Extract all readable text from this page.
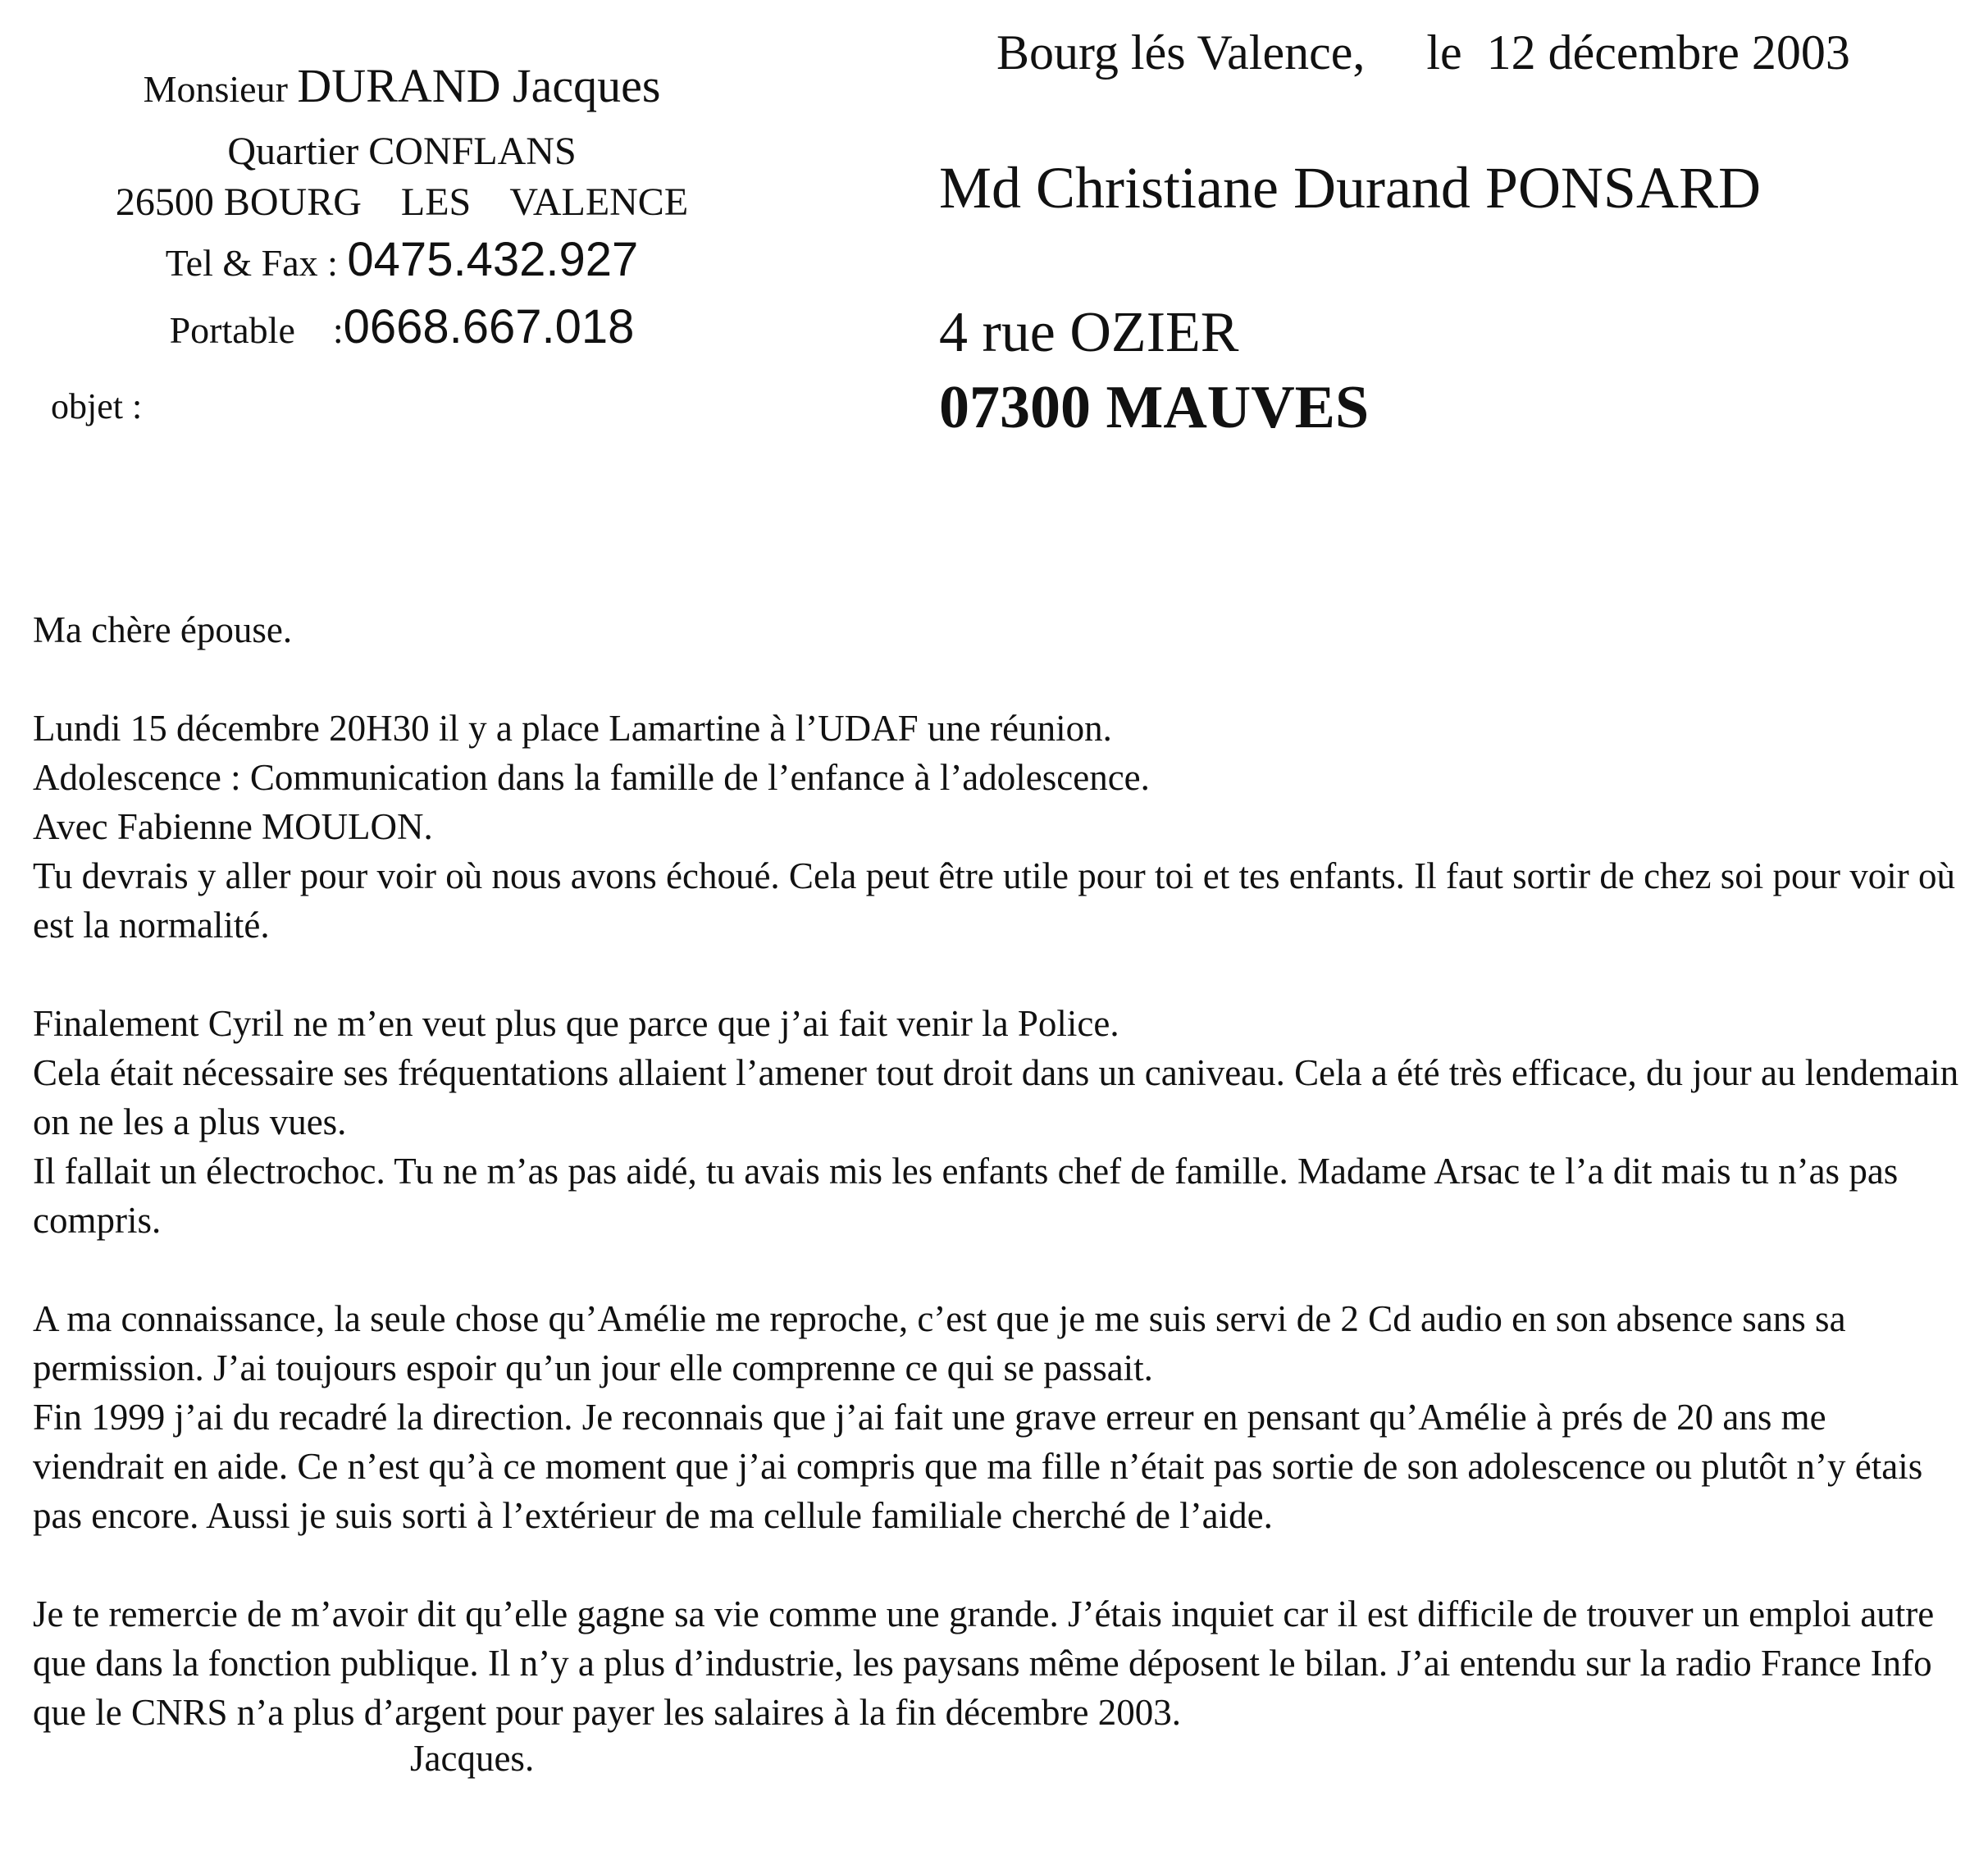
Monsieur DURAND Jacques
Quartier CONFLANS
26500 BOURG    LES    VALENCE
Tel & Fax : 0475.432.927
Portable    :0668.667.018
objet :
Bourg lés Valence,     le  12 décembre 2003
Md Christiane Durand PONSARD
4 rue OZIER
07300 MAUVES

Ma chère épouse.

Lundi 15 décembre 20H30 il y a place Lamartine à l’UDAF une réunion.

Adolescence : Communication dans la famille de l’enfance à l’adolescence.

Avec Fabienne MOULON.

Tu devrais y aller pour voir où nous avons échoué. Cela peut être utile pour toi et tes enfants. Il faut sortir de chez soi pour voir où est la normalité.

Finalement Cyril ne m’en veut plus que parce que j’ai fait venir la Police.

Cela était nécessaire ses fréquentations allaient l’amener tout droit dans un caniveau. Cela a été très efficace, du jour au lendemain on ne les a plus vues.

Il fallait un électrochoc. Tu ne m’as pas aidé, tu avais mis les enfants chef de famille. Madame Arsac te l’a dit mais tu n’as pas compris.

A ma connaissance, la seule chose qu’Amélie me reproche, c’est que je me suis servi de 2 Cd audio en son absence sans sa permission. J’ai toujours espoir qu’un jour elle comprenne ce qui se passait.

Fin 1999 j’ai du recadré la direction. Je reconnais que j’ai fait une grave erreur en pensant qu’Amélie à prés de 20 ans me viendrait en aide. Ce n’est qu’à ce moment que j’ai compris que ma fille n’était pas sortie de son adolescence ou plutôt n’y étais pas encore. Aussi je suis sorti à l’extérieur de ma cellule familiale cherché de l’aide.

Je te remercie de m’avoir dit qu’elle gagne sa vie comme une grande. J’étais inquiet car il est difficile de trouver un emploi autre que dans la fonction publique. Il n’y a plus d’industrie, les paysans même déposent le bilan. J’ai entendu sur la radio France Info que le CNRS n’a plus d’argent pour payer les salaires à la fin décembre 2003.

Jacques.
